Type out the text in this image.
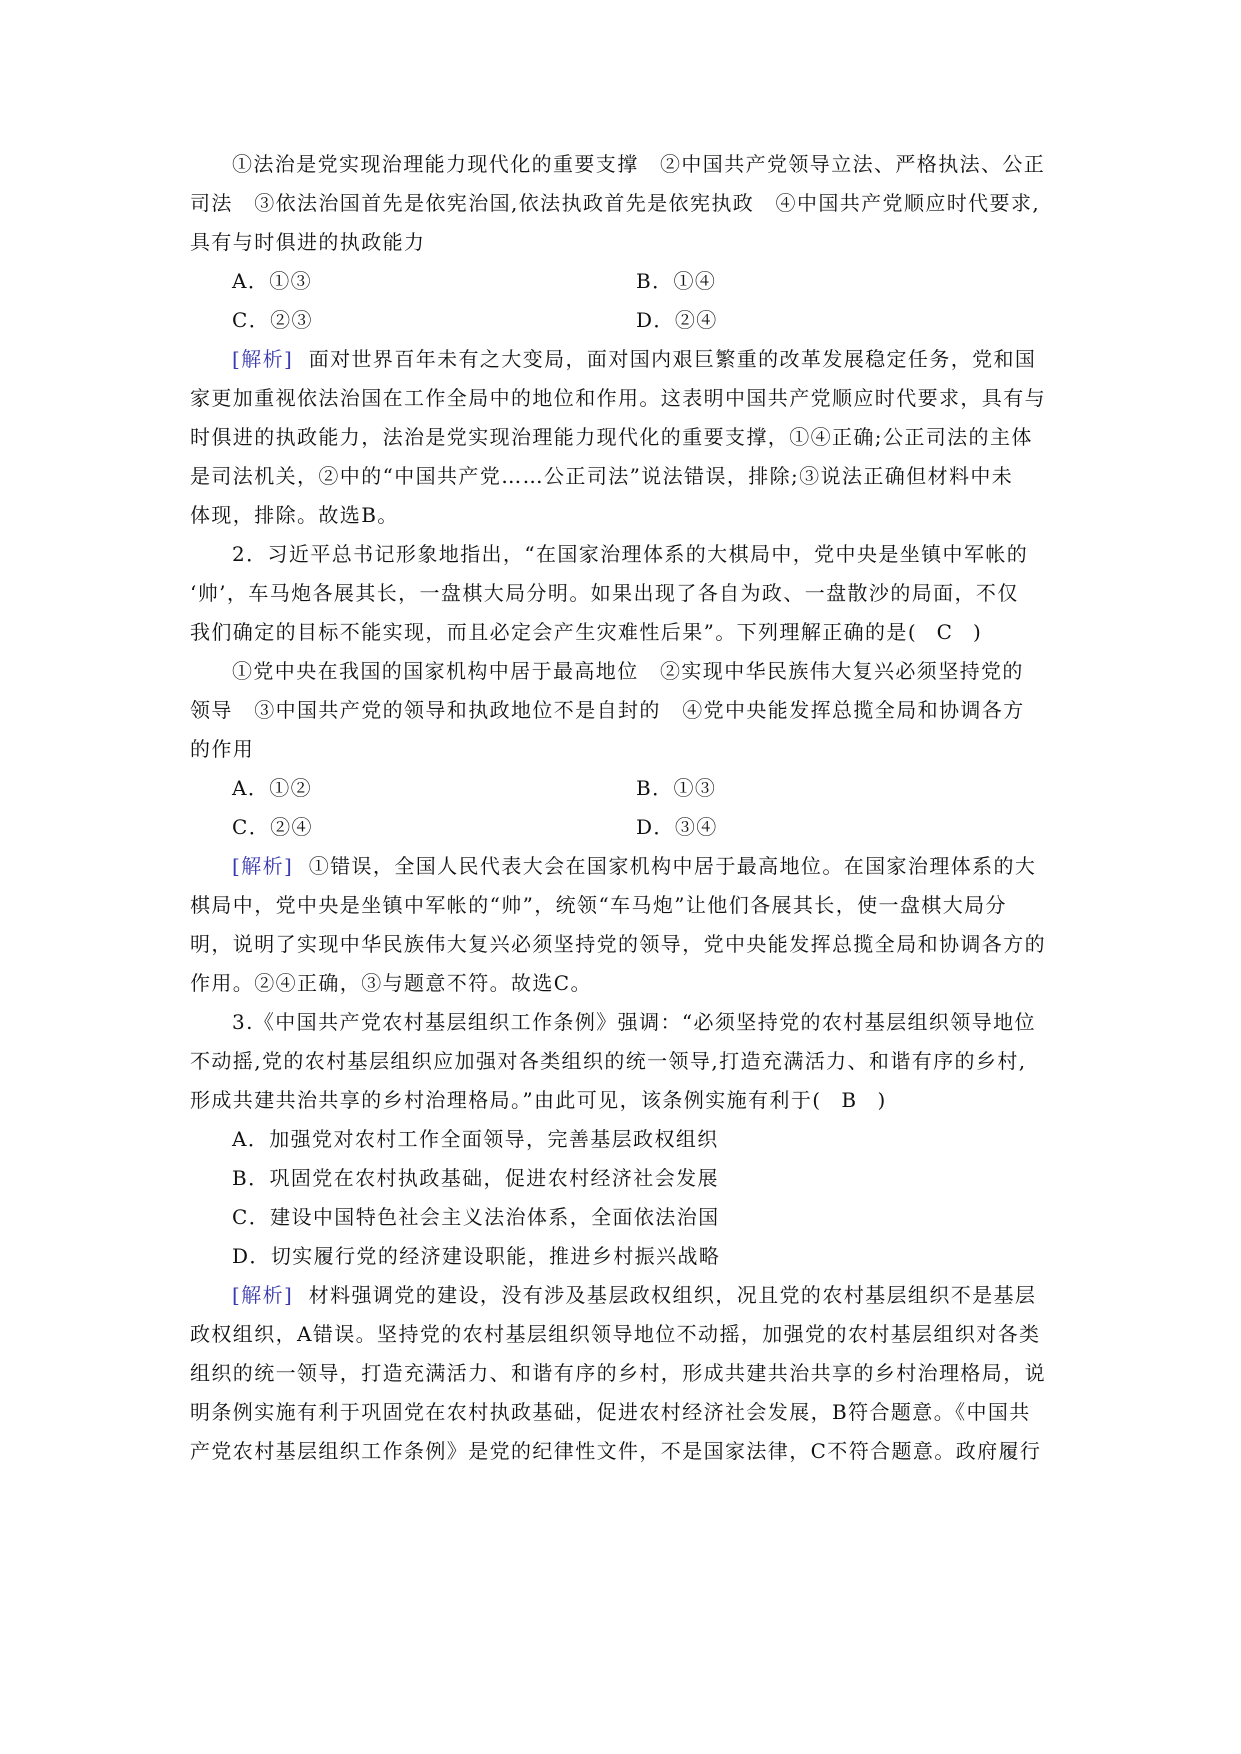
①法治是党实现治理能力现代化的重要支撑　②中国共产党领导立法、严格执法、公正
司法　③依法治国首先是依宪治国,依法执政首先是依宪执政　④中国共产党顺应时代要求,
具有与时俱进的执政能力
A．①③	B．①④
C．②③	D．②④
[解析] 面对世界百年未有之大变局，面对国内艰巨繁重的改革发展稳定任务，党和国
家更加重视依法治国在工作全局中的地位和作用。这表明中国共产党顺应时代要求，具有与
时俱进的执政能力，法治是党实现治理能力现代化的重要支撑，①④正确;公正司法的主体
是司法机关，②中的“中国共产党……公正司法”说法错误，排除;③说法正确但材料中未
体现，排除。故选B。
2．习近平总书记形象地指出，“在国家治理体系的大棋局中，党中央是坐镇中军帐的
‘帅’，车马炮各展其长，一盘棋大局分明。如果出现了各自为政、一盘散沙的局面，不仅
我们确定的目标不能实现，而且必定会产生灾难性后果”。下列理解正确的是( C )
①党中央在我国的国家机构中居于最高地位　②实现中华民族伟大复兴必须坚持党的
领导　③中国共产党的领导和执政地位不是自封的　④党中央能发挥总揽全局和协调各方
的作用
A．①②	B．①③
C．②④	D．③④
[解析] ①错误，全国人民代表大会在国家机构中居于最高地位。在国家治理体系的大
棋局中，党中央是坐镇中军帐的“帅”，统领“车马炮”让他们各展其长，使一盘棋大局分
明，说明了实现中华民族伟大复兴必须坚持党的领导，党中央能发挥总揽全局和协调各方的
作用。②④正确，③与题意不符。故选C。
3.《中国共产党农村基层组织工作条例》强调：“必须坚持党的农村基层组织领导地位
不动摇,党的农村基层组织应加强对各类组织的统一领导,打造充满活力、和谐有序的乡村,
形成共建共治共享的乡村治理格局。”由此可见，该条例实施有利于( B )
A．加强党对农村工作全面领导，完善基层政权组织
B．巩固党在农村执政基础，促进农村经济社会发展
C．建设中国特色社会主义法治体系，全面依法治国
D．切实履行党的经济建设职能，推进乡村振兴战略
[解析] 材料强调党的建设，没有涉及基层政权组织，况且党的农村基层组织不是基层
政权组织，A错误。坚持党的农村基层组织领导地位不动摇，加强党的农村基层组织对各类
组织的统一领导，打造充满活力、和谐有序的乡村，形成共建共治共享的乡村治理格局，说
明条例实施有利于巩固党在农村执政基础，促进农村经济社会发展，B符合题意。《中国共
产党农村基层组织工作条例》是党的纪律性文件，不是国家法律，C不符合题意。政府履行
